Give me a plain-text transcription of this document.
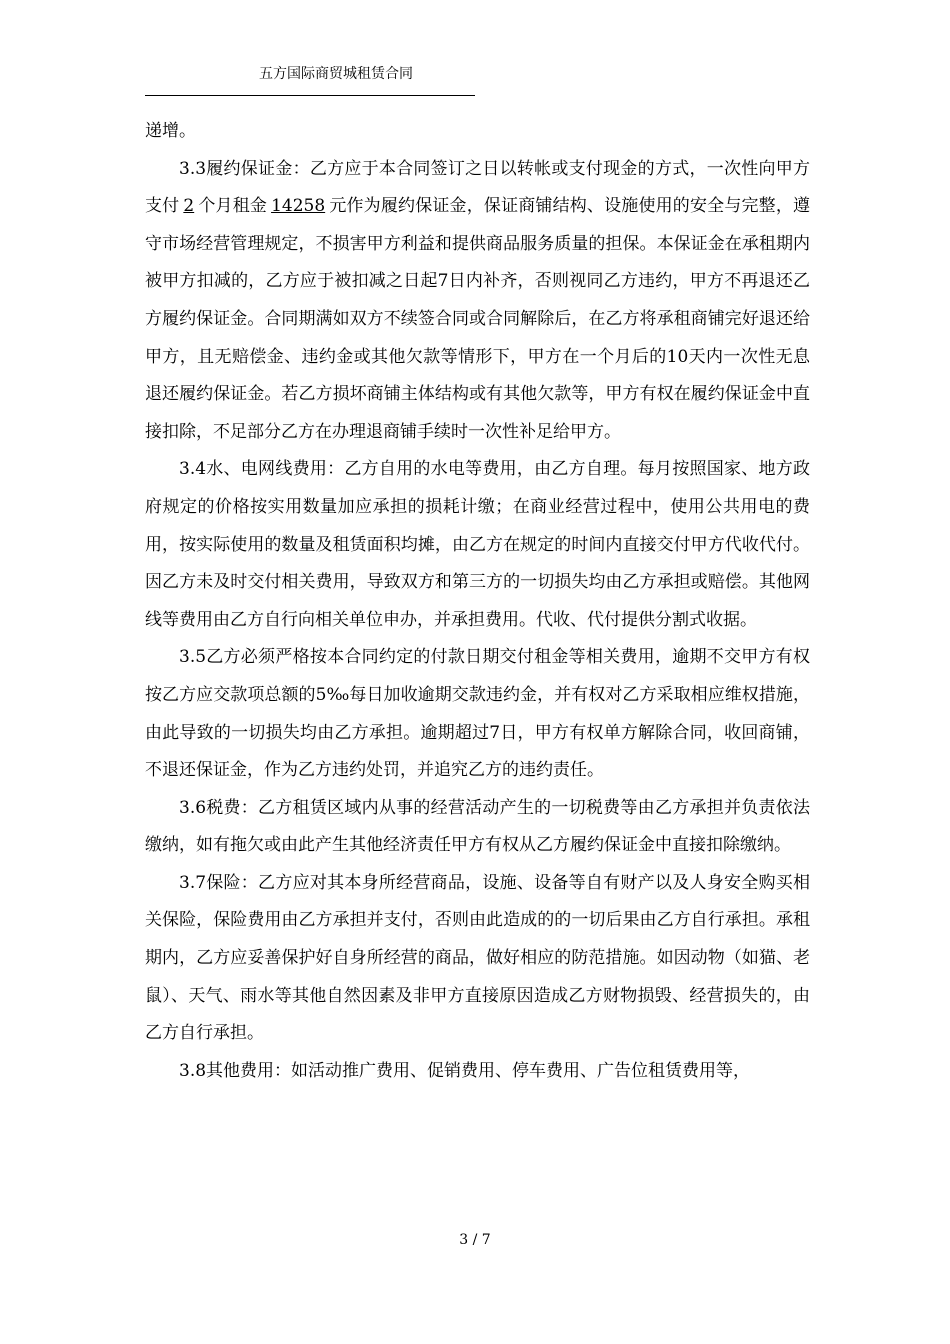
五方国际商贸城租赁合同

递增。

3.3履约保证金：乙方应于本合同签订之日以转帐或支付现金的方式，一次性向甲方支付 2 个月租金 14258 元作为履约保证金，保证商铺结构、设施使用的安全与完整，遵守市场经营管理规定，不损害甲方利益和提供商品服务质量的担保。本保证金在承租期内被甲方扣减的，乙方应于被扣减之日起7日内补齐，否则视同乙方违约，甲方不再退还乙方履约保证金。合同期满如双方不续签合同或合同解除后，在乙方将承租商铺完好退还给甲方，且无赔偿金、违约金或其他欠款等情形下，甲方在一个月后的10天内一次性无息退还履约保证金。若乙方损坏商铺主体结构或有其他欠款等，甲方有权在履约保证金中直接扣除，不足部分乙方在办理退商铺手续时一次性补足给甲方。

3.4水、电网线费用：乙方自用的水电等费用，由乙方自理。每月按照国家、地方政府规定的价格按实用数量加应承担的损耗计缴；在商业经营过程中，使用公共用电的费用，按实际使用的数量及租赁面积均摊，由乙方在规定的时间内直接交付甲方代收代付。因乙方未及时交付相关费用，导致双方和第三方的一切损失均由乙方承担或赔偿。其他网线等费用由乙方自行向相关单位申办，并承担费用。代收、代付提供分割式收据。

3.5乙方必须严格按本合同约定的付款日期交付租金等相关费用，逾期不交甲方有权按乙方应交款项总额的5‰每日加收逾期交款违约金，并有权对乙方采取相应维权措施，由此导致的一切损失均由乙方承担。逾期超过7日，甲方有权单方解除合同，收回商铺，不退还保证金，作为乙方违约处罚，并追究乙方的违约责任。

3.6税费：乙方租赁区域内从事的经营活动产生的一切税费等由乙方承担并负责依法缴纳，如有拖欠或由此产生其他经济责任甲方有权从乙方履约保证金中直接扣除缴纳。

3.7保险：乙方应对其本身所经营商品，设施、设备等自有财产以及人身安全购买相关保险，保险费用由乙方承担并支付，否则由此造成的的一切后果由乙方自行承担。承租期内，乙方应妥善保护好自身所经营的商品，做好相应的防范措施。如因动物（如猫、老鼠）、天气、雨水等其他自然因素及非甲方直接原因造成乙方财物损毁、经营损失的，由乙方自行承担。

3.8其他费用：如活动推广费用、促销费用、停车费用、广告位租赁费用等，

3 / 7
